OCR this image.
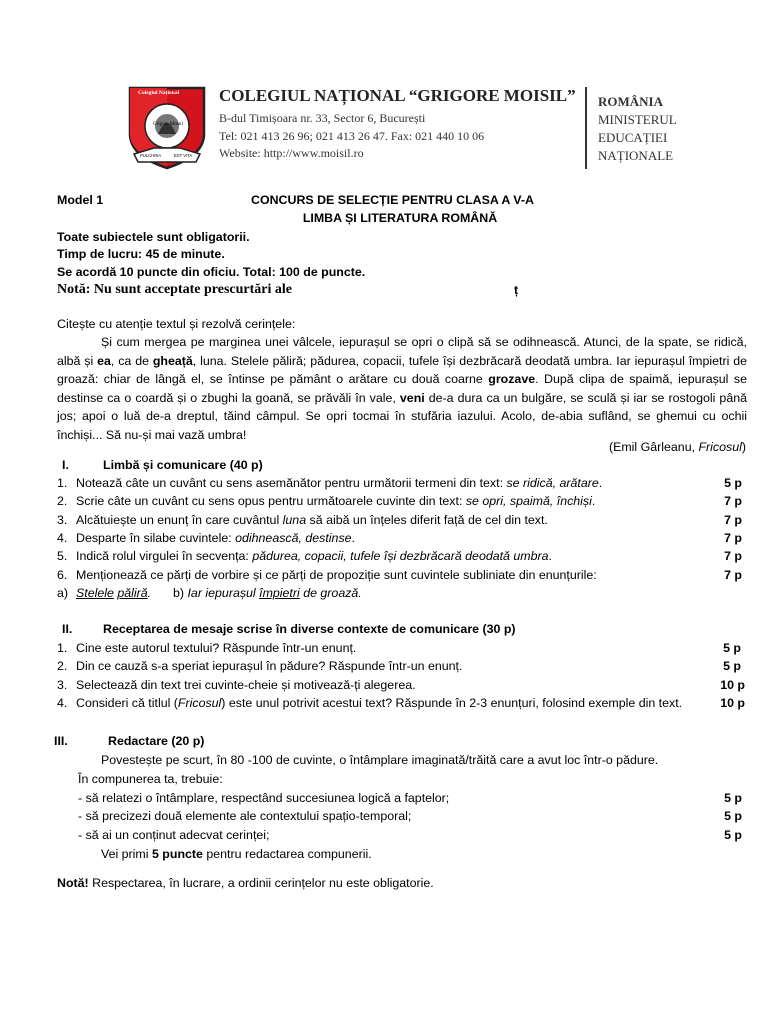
Colegiul Național
Grigore Moisil
PULCHRIA	EST VITA
COLEGIUL NAȚIONAL “GRIGORE MOISIL”
B-dul Timișoara nr. 33, Sector 6, București
Tel: 021 413 26 96; 021 413 26 47. Fax: 021 440 10 06
Website: http://www.moisil.ro
ROMÂNIA
MINISTERUL
EDUCAȚIEI
NAȚIONALE
Model 1	CONCURS DE SELECȚIE PENTRU CLASA A V-A
LIMBA ȘI LITERATURA ROMÂNĂ
Toate subiectele sunt obligatorii.
Timp de lucru: 45 de minute.
Se acordă 10 puncte din oficiu. Total: 100 de puncte.
Notă: Nu sunt acceptate prescurtări ale	ț
Citește cu atenție textul și rezolvă cerințele:

Și cum mergea pe marginea unei vâlcele, iepurașul se opri o clipă să se odihnească. Atunci, de la spate, se ridică, albă și ea, ca de gheață, luna. Stelele păliră; pădurea, copacii, tufele își dezbrăcară deodată umbra. Iar iepurașul împietri de groază: chiar de lângă el, se întinse pe pământ o arătare cu două coarne grozave. După clipa de spaimă, iepurașul se destinse ca o coardă și o zbughi la goană, se prăvăli în vale, veni de-a dura ca un bulgăre, se sculă și iar se rostogoli până jos; apoi o luă de-a dreptul, tăind câmpul. Se opri tocmai în stufăria iazului. Acolo, de-abia suflând, se ghemui cu ochii închiși... Să nu-și mai vază umbra!

(Emil Gârleanu, Fricosul)
I.	Limbă și comunicare (40 p)
1. Notează câte un cuvânt cu sens asemănător pentru următorii termeni din text: se ridică, arătare.	5 p
2. Scrie câte un cuvânt cu sens opus pentru următoarele cuvinte din text: se opri, spaimă, închiși.	7 p
3. Alcătuiește un enunț în care cuvântul luna să aibă un înțeles diferit față de cel din text.	7 p
4. Desparte în silabe cuvintele: odihnească, destinse.	7 p
5. Indică rolul virgulei în secvența: pădurea, copacii, tufele își dezbrăcară deodată umbra.	7 p
6. Menționează ce părți de vorbire și ce părți de propoziție sunt cuvintele subliniate din enunțurile:	7 p
a) Stelele păliră. b) Iar iepurașul împietri de groază.
II. Receptarea de mesaje scrise în diverse contexte de comunicare (30 p)
1. Cine este autorul textului? Răspunde într-un enunț.	5 p
2. Din ce cauză s-a speriat iepurașul în pădure? Răspunde într-un enunț.	5 p
3. Selectează din text trei cuvinte-cheie și motivează-ți alegerea.	10 p
4. Consideri că titlul (Fricosul) este unul potrivit acestui text? Răspunde în 2-3 enunțuri, folosind exemple din text.	10 p
III.	Redactare (20 p)
Povestește pe scurt, în 80 -100 de cuvinte, o întâmplare imaginată/trăită care a avut loc într-o pădure.
În compunerea ta, trebuie:
- să relatezi o întâmplare, respectând succesiunea logică a faptelor;	5 p
- să precizezi două elemente ale contextului spațio-temporal;	5 p
- să ai un conținut adecvat cerinței;	5 p
Vei primi 5 puncte pentru redactarea compunerii.
Notă! Respectarea, în lucrare, a ordinii cerințelor nu este obligatorie.
